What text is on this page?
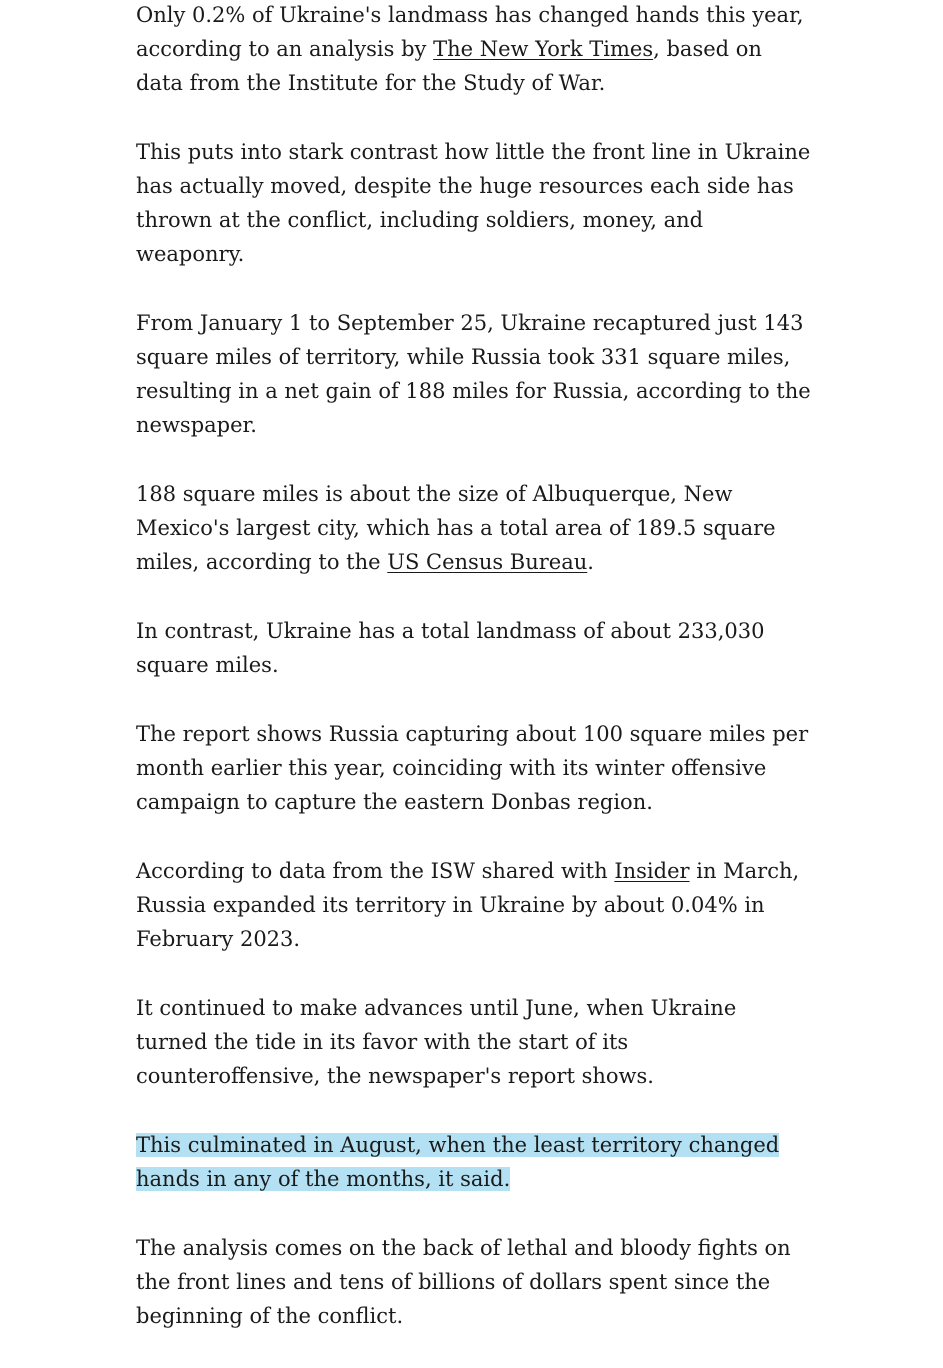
Only 0.2% of Ukraine's landmass has changed hands this year, according to an analysis by The New York Times, based on data from the Institute for the Study of War.

This puts into stark contrast how little the front line in Ukraine has actually moved, despite the huge resources each side has thrown at the conflict, including soldiers, money, and weaponry.

From January 1 to September 25, Ukraine recaptured just 143 square miles of territory, while Russia took 331 square miles, resulting in a net gain of 188 miles for Russia, according to the newspaper.

188 square miles is about the size of Albuquerque, New Mexico's largest city, which has a total area of 189.5 square miles, according to the US Census Bureau.

In contrast, Ukraine has a total landmass of about 233,030 square miles.

The report shows Russia capturing about 100 square miles per month earlier this year, coinciding with its winter offensive campaign to capture the eastern Donbas region.

According to data from the ISW shared with Insider in March, Russia expanded its territory in Ukraine by about 0.04% in February 2023.

It continued to make advances until June, when Ukraine turned the tide in its favor with the start of its counteroffensive, the newspaper's report shows.

This culminated in August, when the least territory changed hands in any of the months, it said.

The analysis comes on the back of lethal and bloody fights on the front lines and tens of billions of dollars spent since the beginning of the conflict.
